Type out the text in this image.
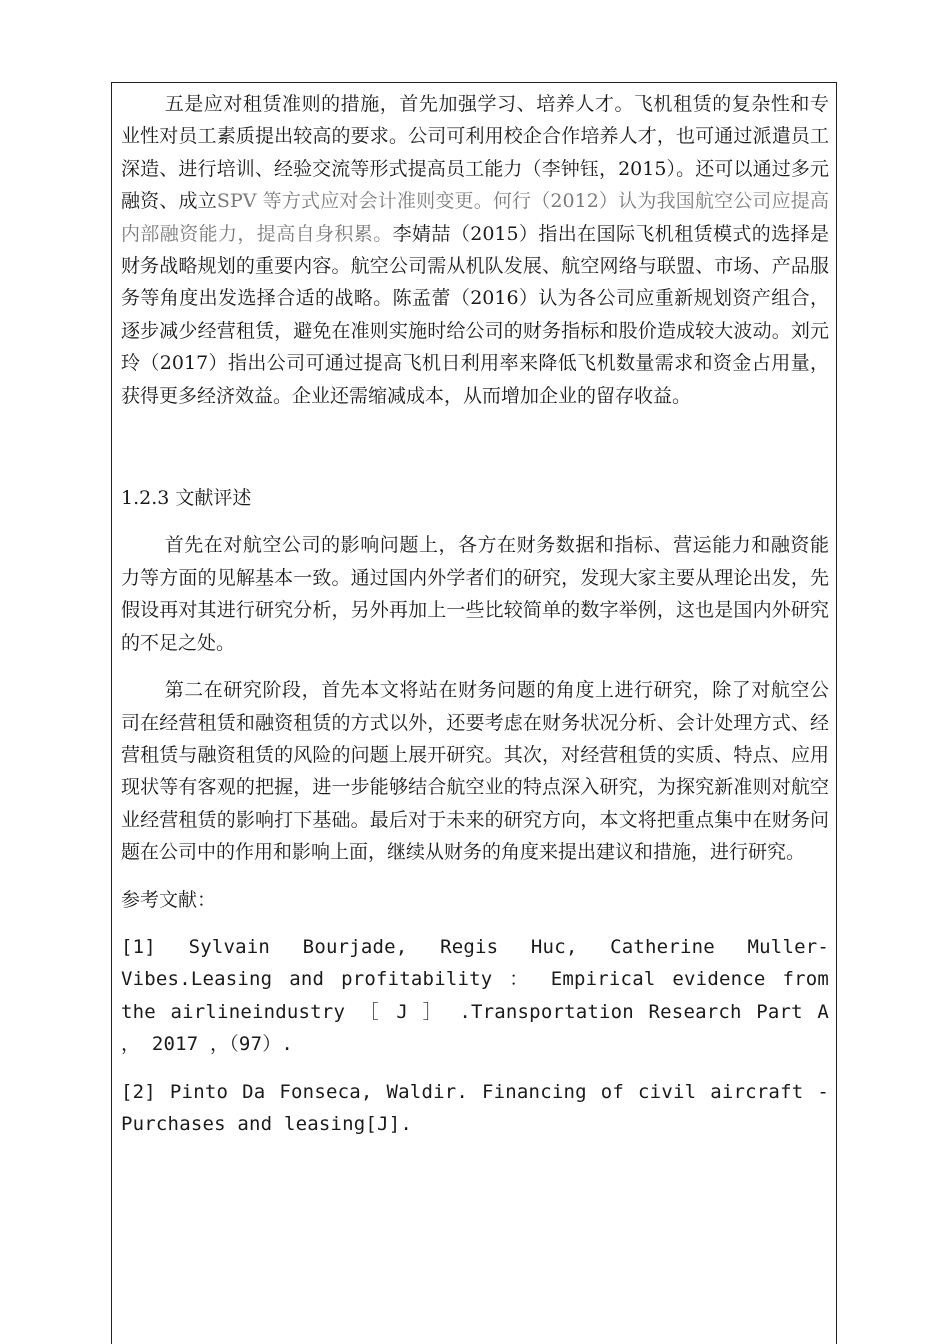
五是应对租赁准则的措施，首先加强学习、培养人才。飞机租赁的复杂性和专业性对员工素质提出较高的要求。公司可利用校企合作培养人才，也可通过派遣员工深造、进行培训、经验交流等形式提高员工能力（李钟钰，2015）。还可以通过多元融资、成立SPV 等方式应对会计准则变更。何行（2012）认为我国航空公司应提高内部融资能力，提高自身积累。李婧喆（2015）指出在国际飞机租赁模式的选择是财务战略规划的重要内容。航空公司需从机队发展、航空网络与联盟、市场、产品服务等角度出发选择合适的战略。陈孟蕾（2016）认为各公司应重新规划资产组合，逐步减少经营租赁，避免在准则实施时给公司的财务指标和股价造成较大波动。刘元玲（2017）指出公司可通过提高飞机日利用率来降低飞机数量需求和资金占用量，获得更多经济效益。企业还需缩减成本，从而增加企业的留存收益。

1.2.3 文献评述

首先在对航空公司的影响问题上，各方在财务数据和指标、营运能力和融资能力等方面的见解基本一致。通过国内外学者们的研究，发现大家主要从理论出发，先假设再对其进行研究分析，另外再加上一些比较简单的数字举例，这也是国内外研究的不足之处。

第二在研究阶段，首先本文将站在财务问题的角度上进行研究，除了对航空公司在经营租赁和融资租赁的方式以外，还要考虑在财务状况分析、会计处理方式、经营租赁与融资租赁的风险的问题上展开研究。其次，对经营租赁的实质、特点、应用现状等有客观的把握，进一步能够结合航空业的特点深入研究，为探究新准则对航空业经营租赁的影响打下基础。最后对于未来的研究方向，本文将把重点集中在财务问题在公司中的作用和影响上面，继续从财务的角度来提出建议和措施，进行研究。

参考文献：

[1] Sylvain Bourjade, Regis Huc, Catherine Muller-Vibes.Leasing and profitability ： Empirical evidence from the airlineindustry ［ J ］ .Transportation Research Part A ， 2017 ，（97）.

[2] Pinto Da Fonseca, Waldir. Financing of civil aircraft - Purchases and leasing[J].
